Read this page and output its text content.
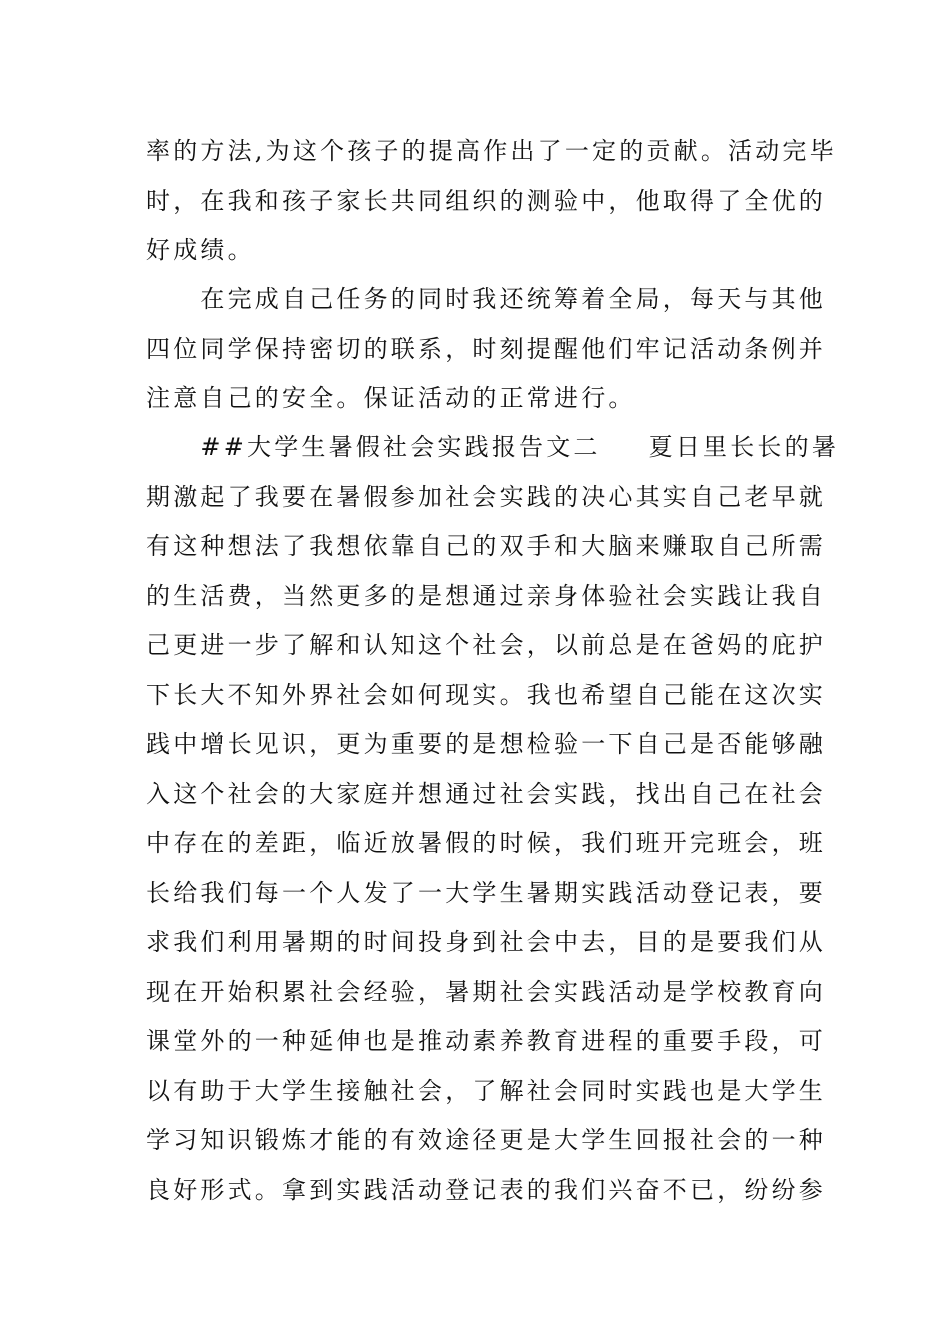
率的方法,为这个孩子的提高作出了一定的贡献。活动完毕
时，在我和孩子家长共同组织的测验中，他取得了全优的
好成绩。
　　在完成自己任务的同时我还统筹着全局，每天与其他
四位同学保持密切的联系，时刻提醒他们牢记活动条例并
注意自己的安全。保证活动的正常进行。
　　##大学生暑假社会实践报告文二 夏日里长长的暑
期激起了我要在暑假参加社会实践的决心其实自己老早就
有这种想法了我想依靠自己的双手和大脑来赚取自己所需
的生活费，当然更多的是想通过亲身体验社会实践让我自
己更进一步了解和认知这个社会，以前总是在爸妈的庇护
下长大不知外界社会如何现实。我也希望自己能在这次实
践中增长见识，更为重要的是想检验一下自己是否能够融
入这个社会的大家庭并想通过社会实践，找出自己在社会
中存在的差距，临近放暑假的时候，我们班开完班会，班
长给我们每一个人发了一大学生暑期实践活动登记表，要
求我们利用暑期的时间投身到社会中去，目的是要我们从
现在开始积累社会经验，暑期社会实践活动是学校教育向
课堂外的一种延伸也是推动素养教育进程的重要手段，可
以有助于大学生接触社会，了解社会同时实践也是大学生
学习知识锻炼才能的有效途径更是大学生回报社会的一种
良好形式。拿到实践活动登记表的我们兴奋不已，纷纷参
